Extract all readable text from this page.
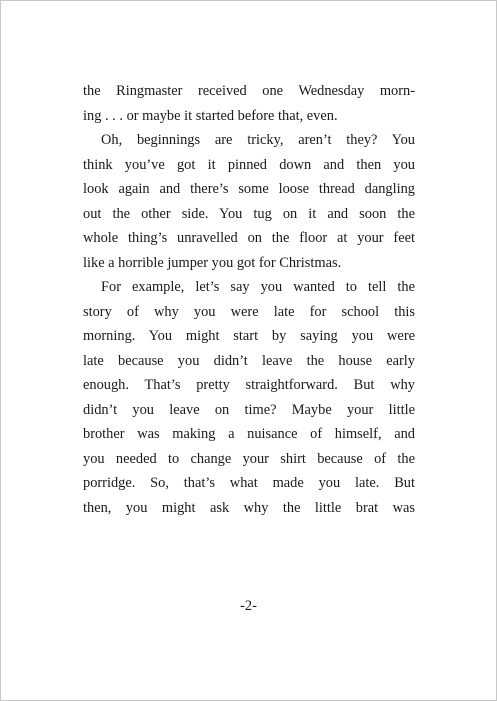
the Ringmaster received one Wednesday morn-
ing . . . or maybe it started before that, even.
Oh, beginnings are tricky, aren’t they? You
think you’ve got it pinned down and then you
look again and there’s some loose thread dangling
out the other side. You tug on it and soon the
whole thing’s unravelled on the floor at your feet
like a horrible jumper you got for Christmas.
For example, let’s say you wanted to tell the
story of why you were late for school this
morning. You might start by saying you were
late because you didn’t leave the house early
enough. That’s pretty straightforward. But why
didn’t you leave on time? Maybe your little
brother was making a nuisance of himself, and
you needed to change your shirt because of the
porridge. So, that’s what made you late. But
then, you might ask why the little brat was
-2-
